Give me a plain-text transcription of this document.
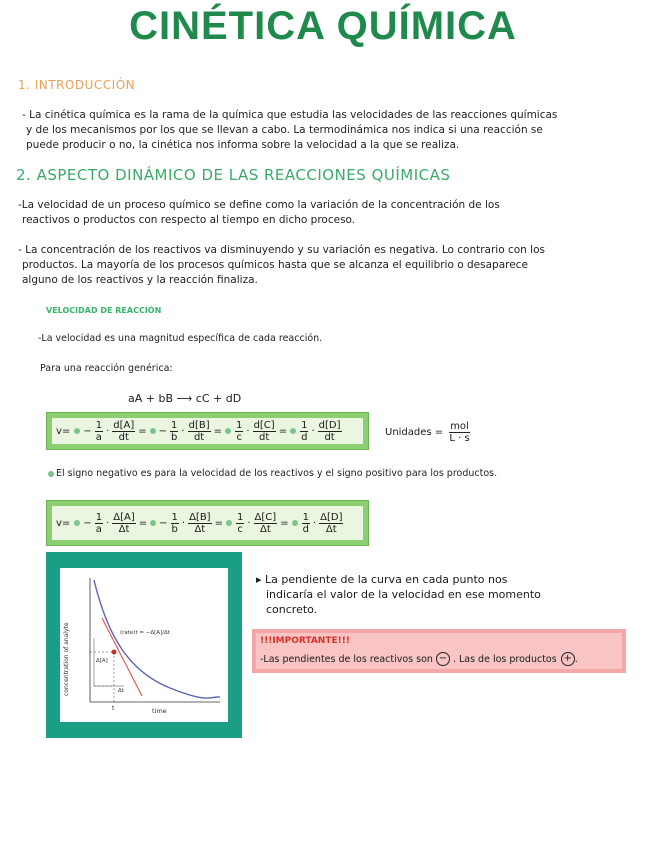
CINÉTICA QUÍMICA
1. INTRODUCCIÓN
- La cinética química es la rama de la química que estudia las velocidades de las reacciones químicas
y de los mecanismos por los que se llevan a cabo. La termodinámica nos indica si una reacción se
puede producir o no, la cinética nos informa sobre la velocidad a la que se realiza.
2. ASPECTO DINÁMICO DE LAS REACCIONES QUÍMICAS
-La velocidad de un proceso químico se define como la variación de la concentración de los
reactivos o productos con respecto al tiempo en dicho proceso.
- La concentración de los reactivos va disminuyendo y su variación es negativa. Lo contrario con los
productos. La mayoría de los procesos químicos hasta que se alcanza el equilibrio o desaparece
alguno de los reactivos y la reacción finaliza.
VELOCIDAD DE REACCIÓN
-La velocidad es una magnitud específica de cada reacción.
Para una reacción genérica:
aA + bB ⟶ cC + dD
$v= - \frac{1}{a} \cdot \frac{d[A]}{dt}$ = − $\frac{1}{b} \cdot \frac{d[B]}{dt} = \frac{1}{c} \cdot \frac{d[C]}{dt} = \frac{1}{d} \cdot \frac{d[D]}{dt}$	Unidades = $\frac{\text{mol}}{L \cdot s}$
El signo negativo es para la velocidad de los reactivos y el signo positivo para los productos.
$v= - \frac{1}{a} \cdot \frac{\Delta[A]}{\Delta t}$ = − $\frac{1}{b} \cdot \frac{\Delta[B]}{\Delta t} = \frac{1}{c} \cdot \frac{\Delta[C]}{\Delta t} = \frac{1}{d} \cdot \frac{\Delta[D]}{\Delta t}$
concentration of analyte
time
(rate)t = −Δ[A]/Δt
Δ[A]
Δt
t
▸ La pendiente de la curva en cada punto nos
indicaría el valor de la velocidad en ese momento
concreto.
!!!IMPORTANTE!!!
-Las pendientes de los reactivos son − . Las de los productos + .
